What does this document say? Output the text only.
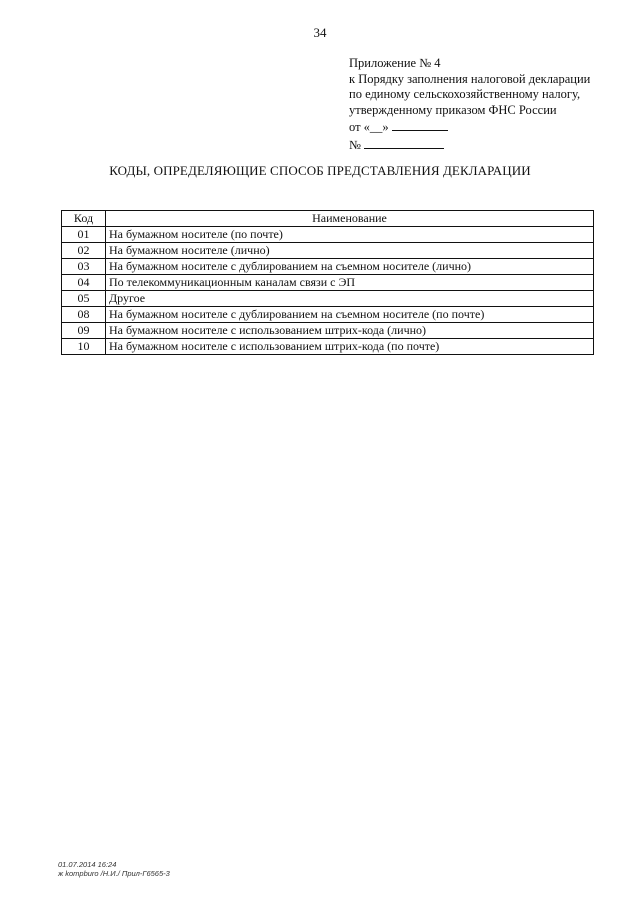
34
Приложение № 4
к Порядку заполнения налоговой декларации
по единому сельскохозяйственному налогу,
утвержденному приказом ФНС России
от «__»
№
КОДЫ, ОПРЕДЕЛЯЮЩИЕ СПОСОБ ПРЕДСТАВЛЕНИЯ ДЕКЛАРАЦИИ
Код	Наименование
01	На бумажном носителе (по почте)
02	На бумажном носителе (лично)
03	На бумажном носителе с дублированием на съемном носителе (лично)
04	По телекоммуникационным каналам связи с ЭП
05	Другое
08	На бумажном носителе с дублированием на съемном носителе (по почте)
09	На бумажном носителе с использованием штрих-кода (лично)
10	На бумажном носителе с использованием штрих-кода (по почте)
01.07.2014 16:24
ж kompburo /Н.И./ Прил-Г6565-3
